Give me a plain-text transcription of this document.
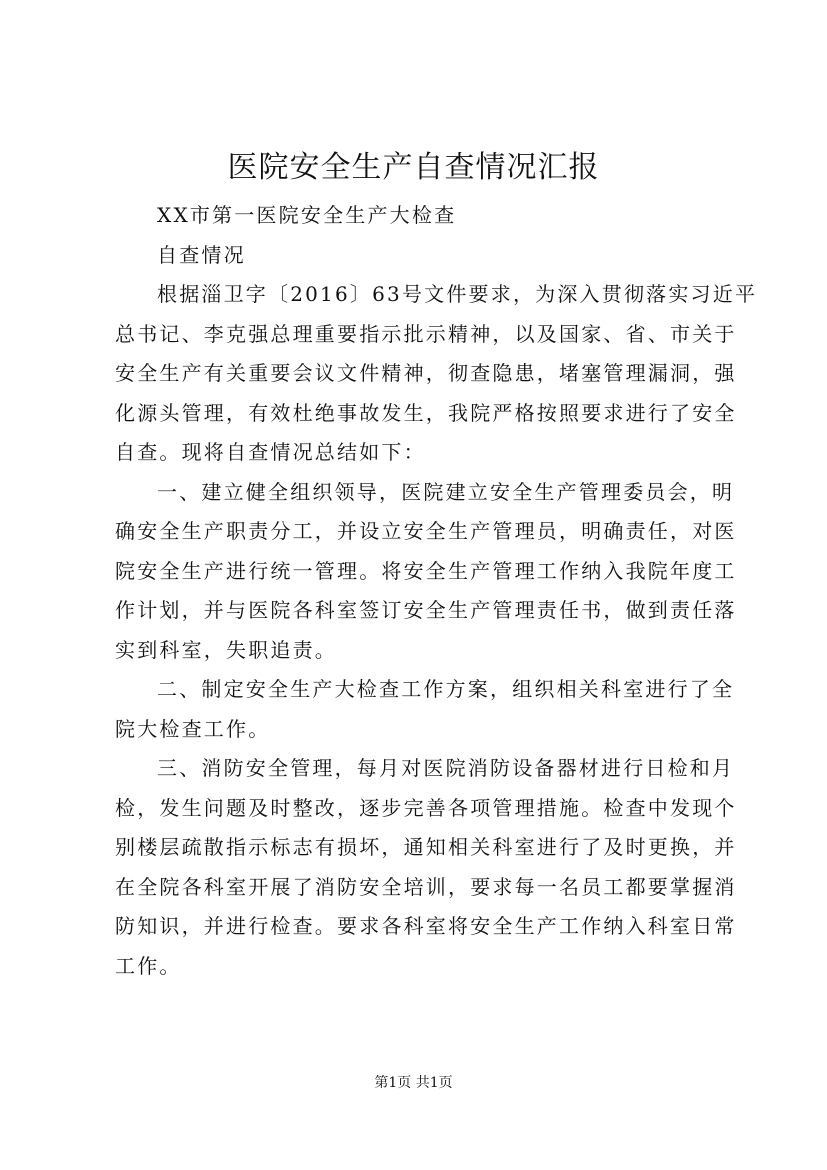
医院安全生产自查情况汇报

XX市第一医院安全生产大检查

自查情况

根据淄卫字〔2016〕63号文件要求，为深入贯彻落实习近平

总书记、李克强总理重要指示批示精神，以及国家、省、市关于

安全生产有关重要会议文件精神，彻查隐患，堵塞管理漏洞，强

化源头管理，有效杜绝事故发生，我院严格按照要求进行了安全

自查。现将自查情况总结如下：

一、建立健全组织领导，医院建立安全生产管理委员会，明

确安全生产职责分工，并设立安全生产管理员，明确责任，对医

院安全生产进行统一管理。将安全生产管理工作纳入我院年度工

作计划，并与医院各科室签订安全生产管理责任书，做到责任落

实到科室，失职追责。

二、制定安全生产大检查工作方案，组织相关科室进行了全

院大检查工作。

三、消防安全管理，每月对医院消防设备器材进行日检和月

检，发生问题及时整改，逐步完善各项管理措施。检查中发现个

别楼层疏散指示标志有损坏，通知相关科室进行了及时更换，并

在全院各科室开展了消防安全培训，要求每一名员工都要掌握消

防知识，并进行检查。要求各科室将安全生产工作纳入科室日常

工作。

第1页 共1页
